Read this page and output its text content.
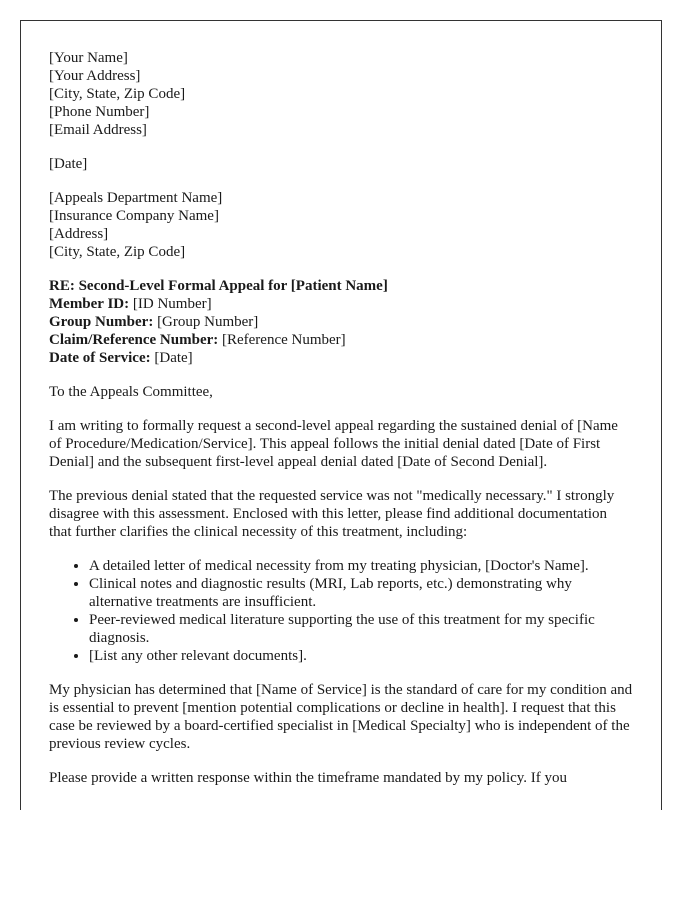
[Your Name]
[Your Address]
[City, State, Zip Code]
[Phone Number]
[Email Address]
[Date]
[Appeals Department Name]
[Insurance Company Name]
[Address]
[City, State, Zip Code]
RE: Second-Level Formal Appeal for [Patient Name]
Member ID: [ID Number]
Group Number: [Group Number]
Claim/Reference Number: [Reference Number]
Date of Service: [Date]

To the Appeals Committee,

I am writing to formally request a second-level appeal regarding the sustained denial of [Name of Procedure/Medication/Service]. This appeal follows the initial denial dated [Date of First Denial] and the subsequent first-level appeal denial dated [Date of Second Denial].

The previous denial stated that the requested service was not "medically necessary." I strongly disagree with this assessment. Enclosed with this letter, please find additional documentation that further clarifies the clinical necessity of this treatment, including:

• A detailed letter of medical necessity from my treating physician, [Doctor's Name].
• Clinical notes and diagnostic results (MRI, Lab reports, etc.) demonstrating why alternative treatments are insufficient.
• Peer-reviewed medical literature supporting the use of this treatment for my specific diagnosis.
• [List any other relevant documents].

My physician has determined that [Name of Service] is the standard of care for my condition and is essential to prevent [mention potential complications or decline in health]. I request that this case be reviewed by a board-certified specialist in [Medical Specialty] who is independent of the previous review cycles.

Please provide a written response within the timeframe mandated by my policy. If you
